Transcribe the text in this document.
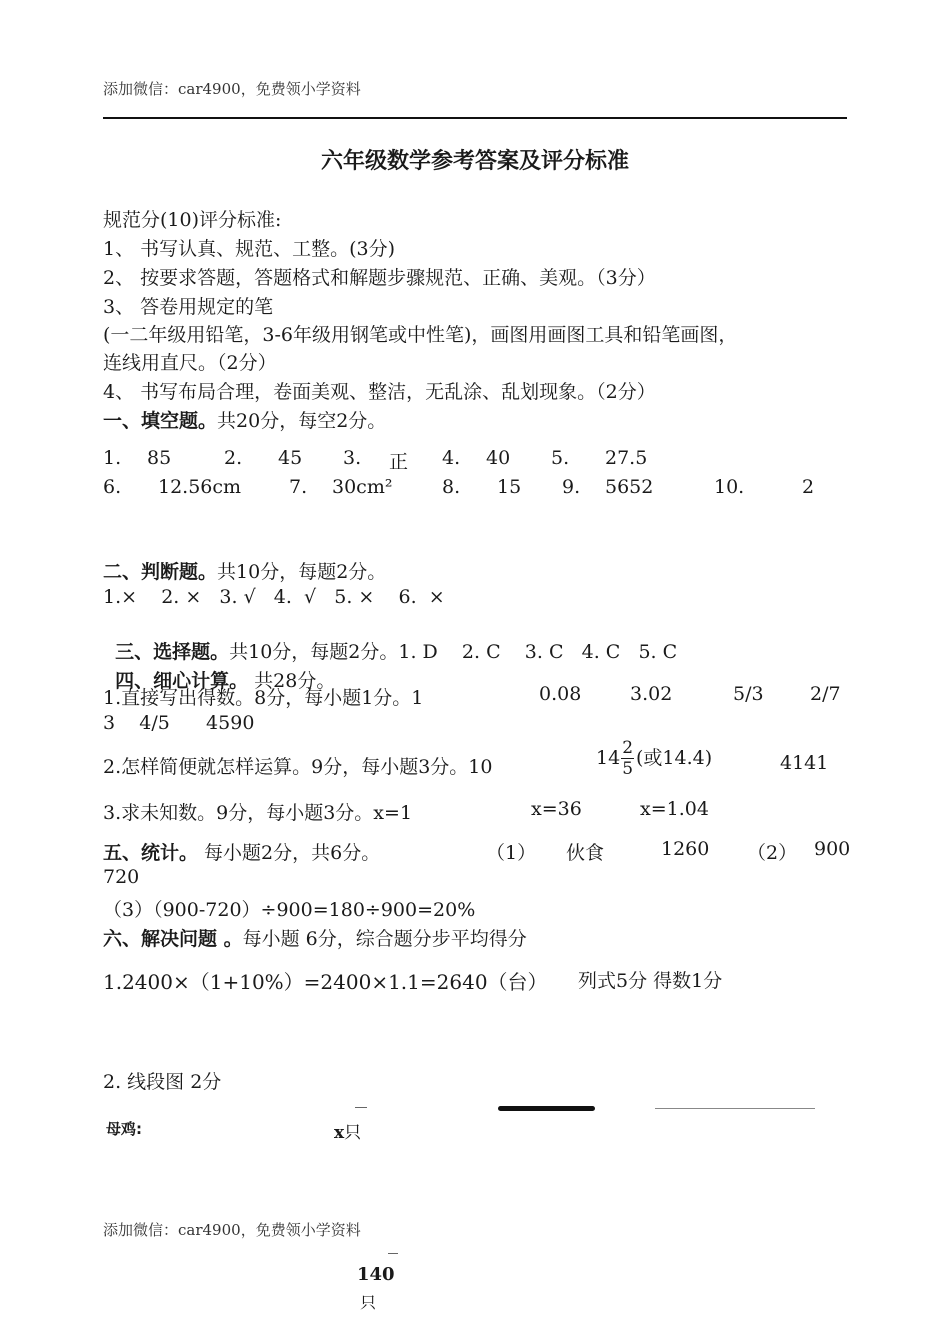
添加微信：car4900，免费领小学资料
六年级数学参考答案及评分标准
规范分(10)评分标准:
1、 书写认真、规范、工整。(3分)
2、 按要求答题，答题格式和解题步骤规范、正确、美观。（3分）
3、 答卷用规定的笔
(一二年级用铅笔，3-6年级用钢笔或中性笔)，画图用画图工具和铅笔画图，
连线用直尺。（2分）
4、 书写布局合理，卷面美观、整洁，无乱涂、乱划现象。（2分）
一、填空题。共20分，每空2分。
1. 85	2. 45 3. 正 4. 40 5. 27.5
6. 12.56cm	7. 30cm²	8. 15 9. 5652	10.	2
二、判断题。共10分，每题2分。
1.×    2. ×   3. √   4.  √   5. ×    6.  ×

三、选择题。共10分，每题2分。1. D    2. C    3. C   4. C   5. C

四、细心计算。 共28分。

1.直接写出得数。8分，每小题1分。1	0.08	3.02	5/3 2/7
3    4/5      4590
2.怎样简便就怎样运算。9分，每小题3分。10	$14 \frac{2}{5}$ (或14.4)	4141
3.求未知数。9分，每小题3分。x=1	x=36	x=1.04
五、统计。 每小题2分，共6分。	（1） 伙食	1260 （2） 900
720
（3）（900-720）÷900=180÷900=20%
六、解决问题 。每小题 6分，综合题分步平均得分
1.2400×（1+10%）=2400×1.1=2640（台） 列式5分 得数1分
2. 线段图 2分
母鸡:	x只
140
只
添加微信：car4900，免费领小学资料
